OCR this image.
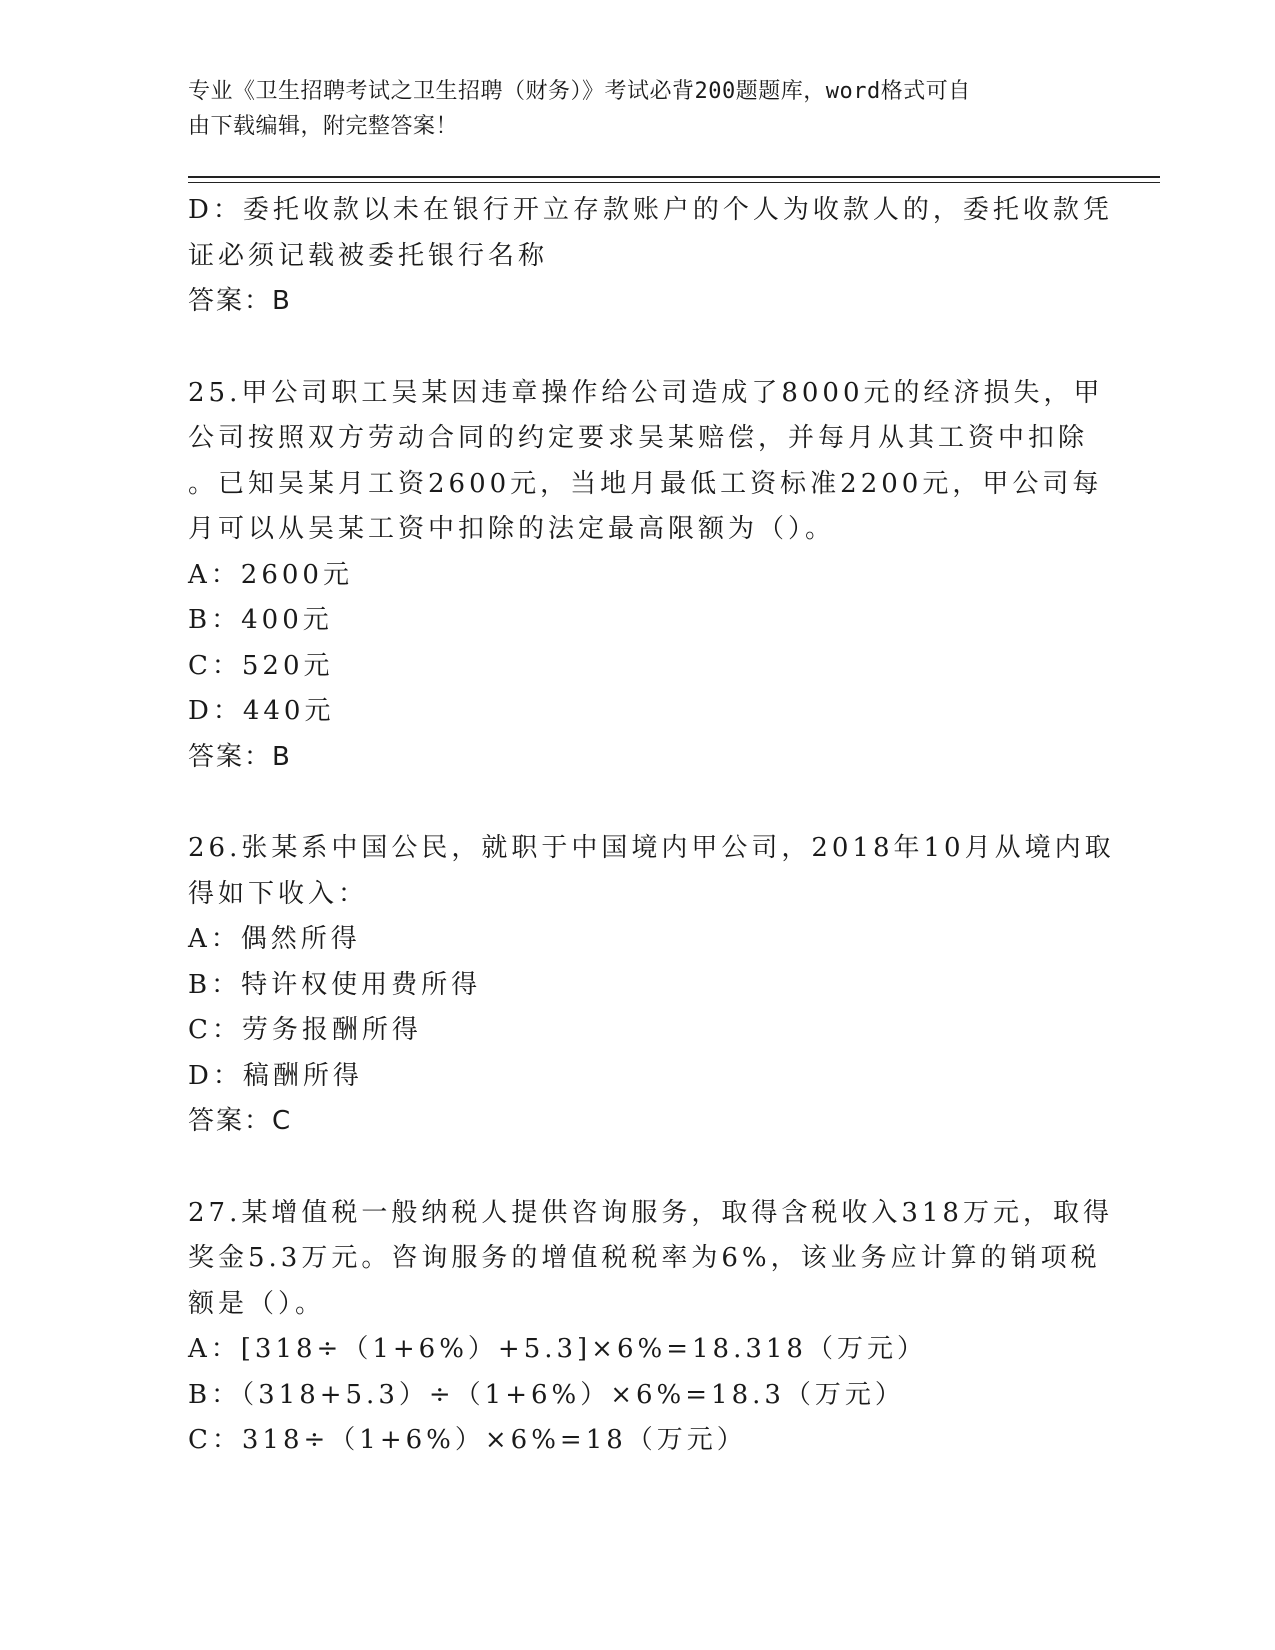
专业《卫生招聘考试之卫生招聘（财务）》考试必背200题题库，word格式可自
由下载编辑，附完整答案！
D：委托收款以未在银行开立存款账户的个人为收款人的，委托收款凭
证必须记载被委托银行名称
答案：B
25.甲公司职工吴某因违章操作给公司造成了8000元的经济损失，甲
公司按照双方劳动合同的约定要求吴某赔偿，并每月从其工资中扣除
。已知吴某月工资2600元，当地月最低工资标准2200元，甲公司每
月可以从吴某工资中扣除的法定最高限额为（）。
A：2600元
B：400元
C：520元
D：440元
答案：B
26.张某系中国公民，就职于中国境内甲公司，2018年10月从境内取
得如下收入：
A：偶然所得
B：特许权使用费所得
C：劳务报酬所得
D：稿酬所得
答案：C
27.某增值税一般纳税人提供咨询服务，取得含税收入318万元，取得
奖金5.3万元。咨询服务的增值税税率为6%，该业务应计算的销项税
额是（）。
A：[318÷（1+6%）+5.3]×6%=18.318（万元）
B：（318+5.3）÷（1+6%）×6%=18.3（万元）
C：318÷（1+6%）×6%=18（万元）
